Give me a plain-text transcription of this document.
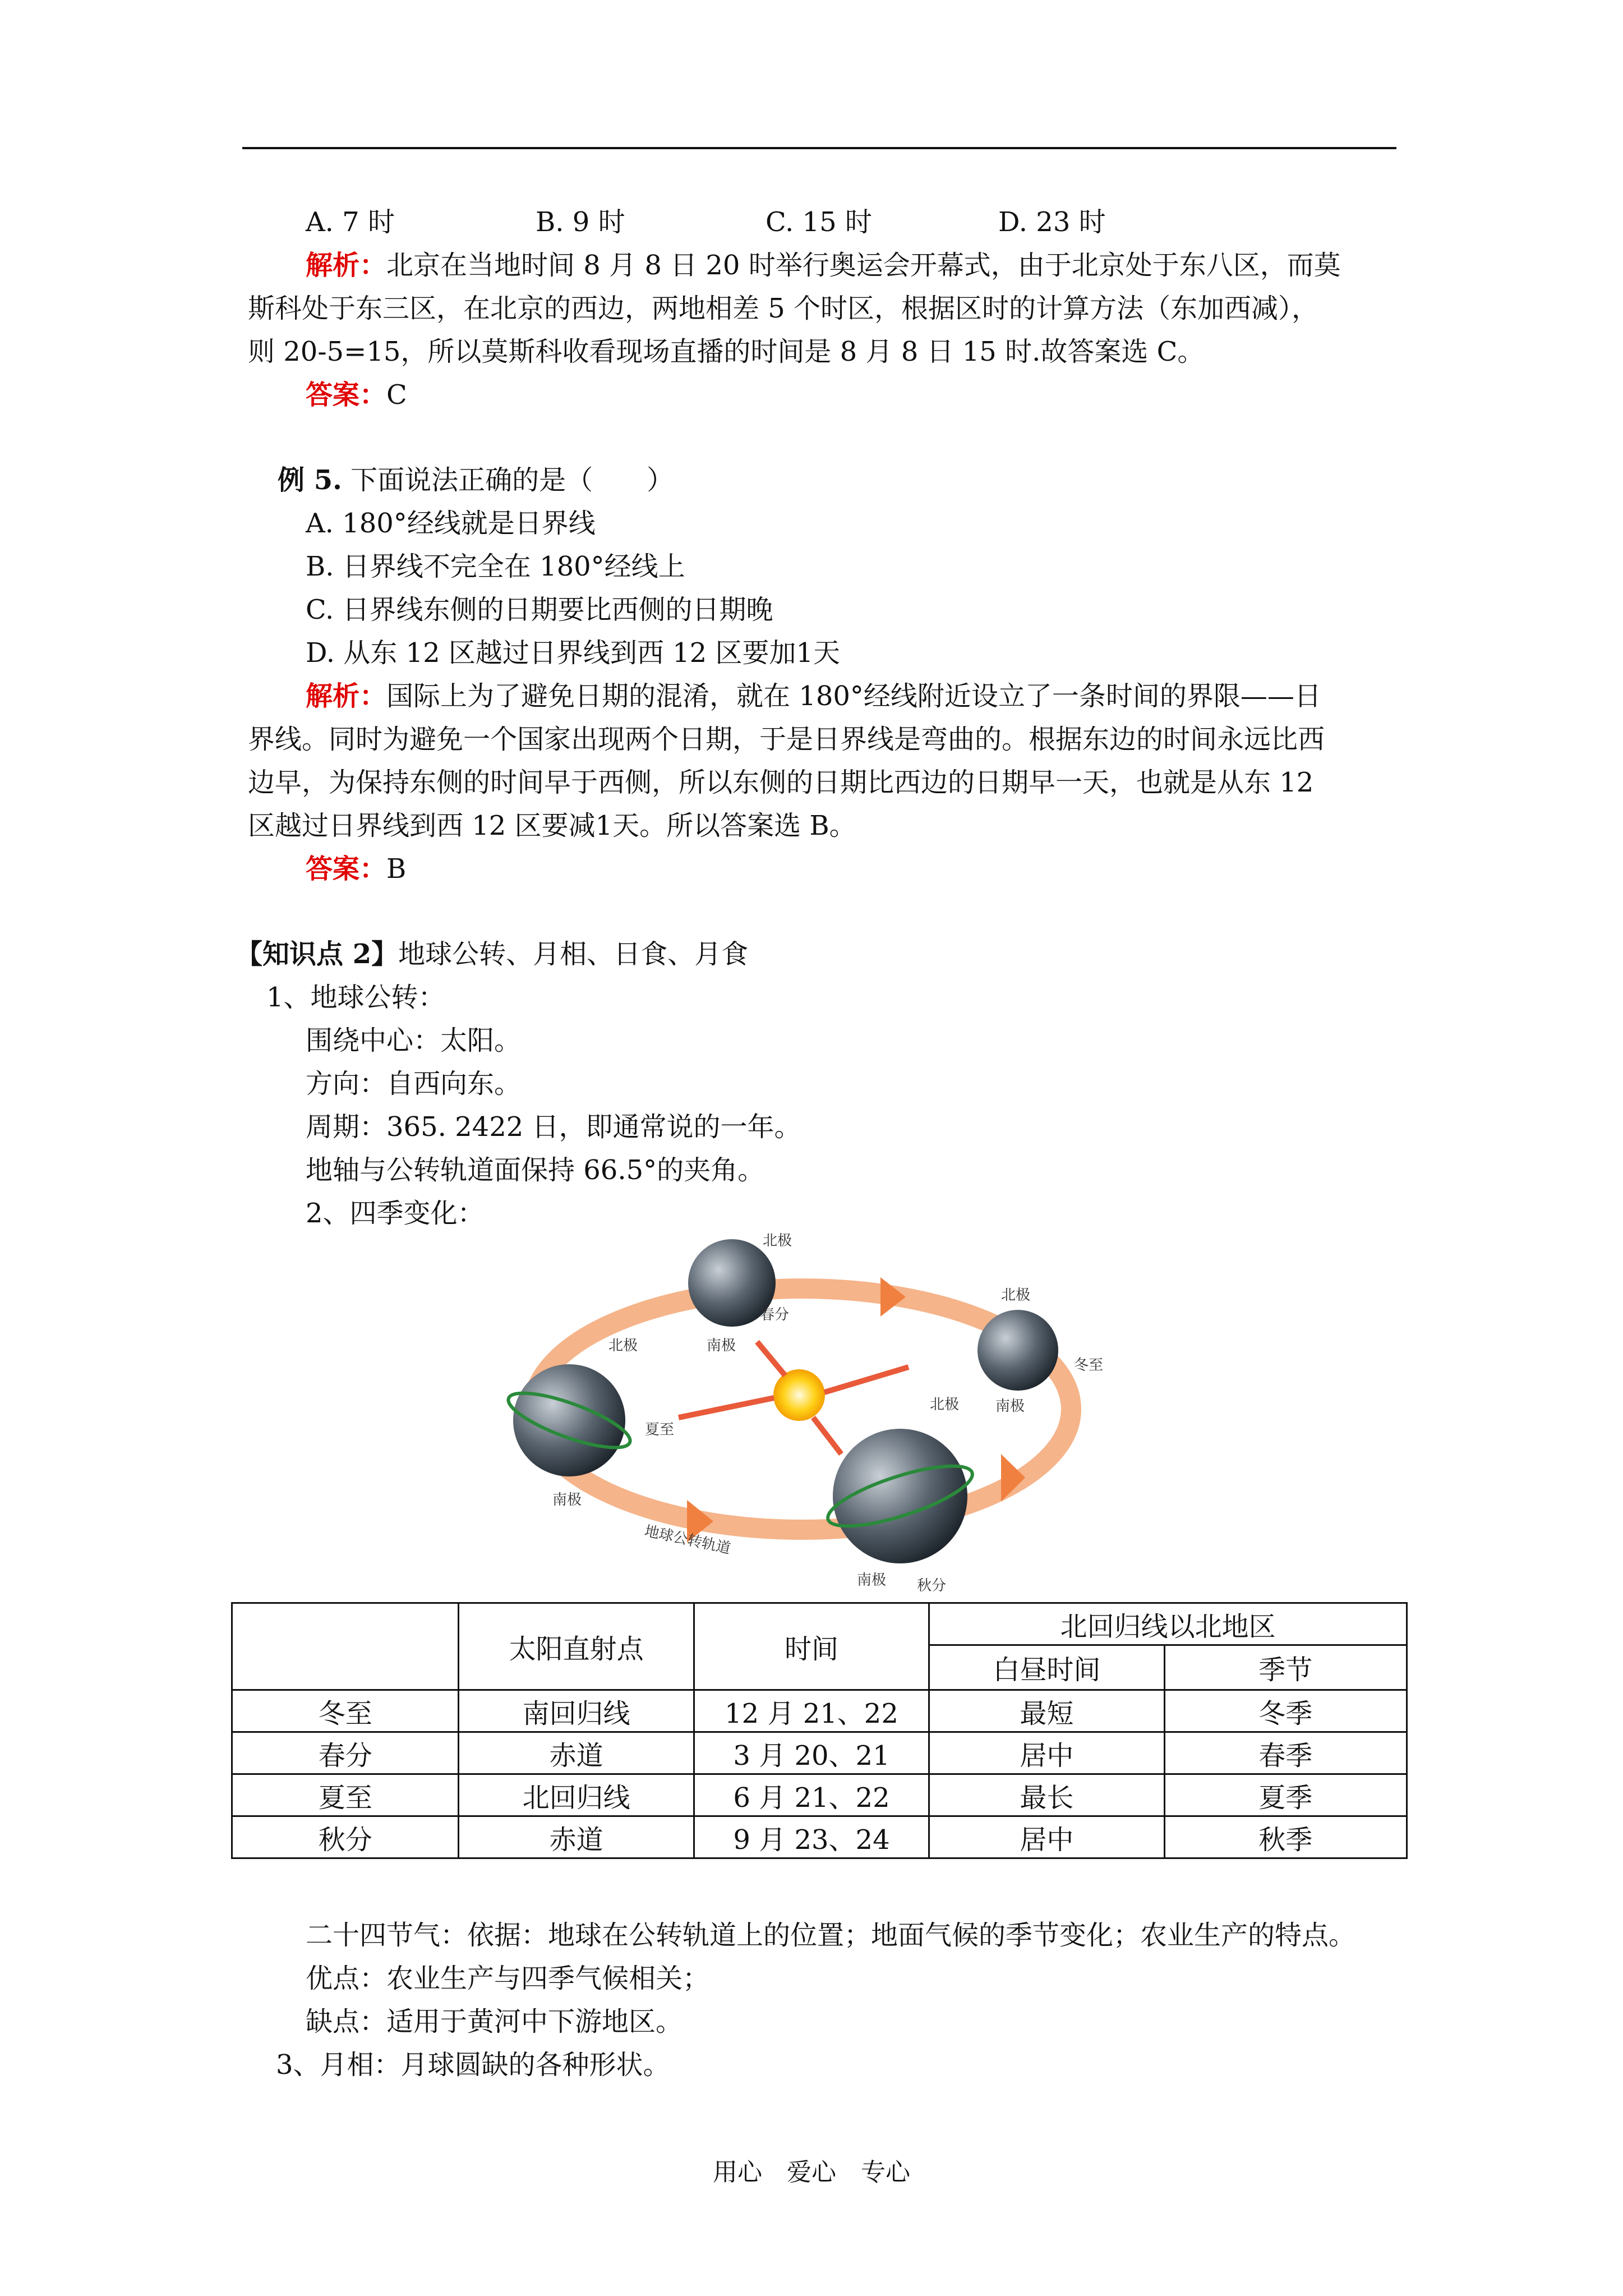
A. 7 时	B. 9 时	C. 15 时	D. 23 时
解析：北京在当地时间 8 月 8 日 20 时举行奥运会开幕式，由于北京处于东八区，而莫
斯科处于东三区，在北京的西边，两地相差 5 个时区，根据区时的计算方法（东加西减），
则 20-5=15，所以莫斯科收看现场直播的时间是 8 月 8 日 15 时.故答案选 C。
答案：C
例 5. 下面说法正确的是（　　）
A. 180°经线就是日界线
B. 日界线不完全在 180°经线上
C. 日界线东侧的日期要比西侧的日期晚
D. 从东 12 区越过日界线到西 12 区要加1天
解析：国际上为了避免日期的混淆，就在 180°经线附近设立了一条时间的界限——日
界线。同时为避免一个国家出现两个日期，于是日界线是弯曲的。根据东边的时间永远比西
边早，为保持东侧的时间早于西侧，所以东侧的日期比西边的日期早一天，也就是从东 12
区越过日界线到西 12 区要减1天。所以答案选 B。
答案：B
【知识点 2】地球公转、月相、日食、月食
1、地球公转：
围绕中心：太阳。
方向：自西向东。
周期：365. 2422 日，即通常说的一年。
地轴与公转轨道面保持 66.5°的夹角。
2、四季变化：
北极
春分
南极
北极
夏至
南极
北极
冬至
南极
北极
秋分
南极
地球公转轨道
	太阳直射点	时间	北回归线以北地区	
			白昼时间	季节
冬至	南回归线	12 月 21、22	最短	冬季
春分	赤道	3 月 20、21	居中	春季
夏至	北回归线	6 月 21、22	最长	夏季
秋分	赤道	9 月 23、24	居中	秋季
二十四节气：依据：地球在公转轨道上的位置；地面气候的季节变化；农业生产的特点。
优点：农业生产与四季气候相关；
缺点：适用于黄河中下游地区。
3、月相：月球圆缺的各种形状。
用心 爱心 专心
